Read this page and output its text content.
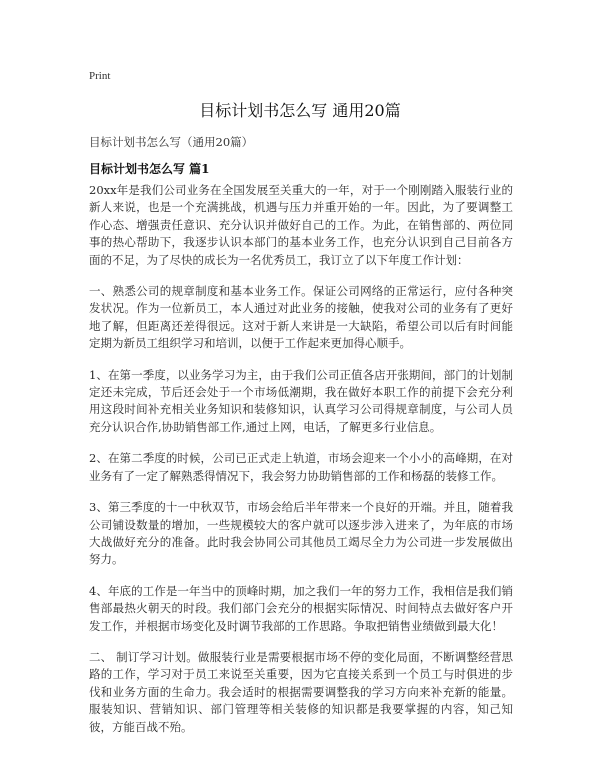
Print
目标计划书怎么写 通用20篇

目标计划书怎么写（通用20篇）

目标计划书怎么写 篇1

20xx年是我们公司业务在全国发展至关重大的一年，对于一个刚刚踏入服装行业的新人来说，也是一个充满挑战，机遇与压力并重开始的一年。因此，为了要调整工作心态、增强责任意识、充分认识并做好自己的工作。为此，在销售部的、两位同事的热心帮助下，我逐步认识本部门的基本业务工作，也充分认识到自己目前各方面的不足，为了尽快的成长为一名优秀员工，我订立了以下年度工作计划：

一、熟悉公司的规章制度和基本业务工作。保证公司网络的正常运行，应付各种突发状况。作为一位新员工，本人通过对此业务的接触，使我对公司的业务有了更好地了解，但距离还差得很远。这对于新人来讲是一大缺陷，希望公司以后有时间能定期为新员工组织学习和培训，以便于工作起来更加得心顺手。

1、在第一季度，以业务学习为主，由于我们公司正值各店开张期间，部门的计划制定还未完成，节后还会处于一个市场低潮期，我在做好本职工作的前提下会充分利用这段时间补充相关业务知识和装修知识，认真学习公司得规章制度，与公司人员充分认识合作,协助销售部工作,通过上网，电话，了解更多行业信息。

2、在第二季度的时候，公司已正式走上轨道，市场会迎来一个小小的高峰期，在对业务有了一定了解熟悉得情况下，我会努力协助销售部的工作和杨磊的装修工作。

3、第三季度的十一中秋双节，市场会给后半年带来一个良好的开端。并且，随着我公司铺设数量的增加，一些规模较大的客户就可以逐步涉入进来了，为年底的市场大战做好充分的准备。此时我会协同公司其他员工竭尽全力为公司进一步发展做出努力。

4、年底的工作是一年当中的顶峰时期，加之我们一年的努力工作，我相信是我们销售部最热火朝天的时段。我们部门会充分的根据实际情况、时间特点去做好客户开发工作，并根据市场变化及时调节我部的工作思路。争取把销售业绩做到最大化！

二、 制订学习计划。做服装行业是需要根据市场不停的变化局面，不断调整经营思路的工作，学习对于员工来说至关重要，因为它直接关系到一个员工与时俱进的步伐和业务方面的生命力。我会适时的根据需要调整我的学习方向来补充新的能量。服装知识、营销知识、部门管理等相关装修的知识都是我要掌握的内容，知己知彼，方能百战不殆。
